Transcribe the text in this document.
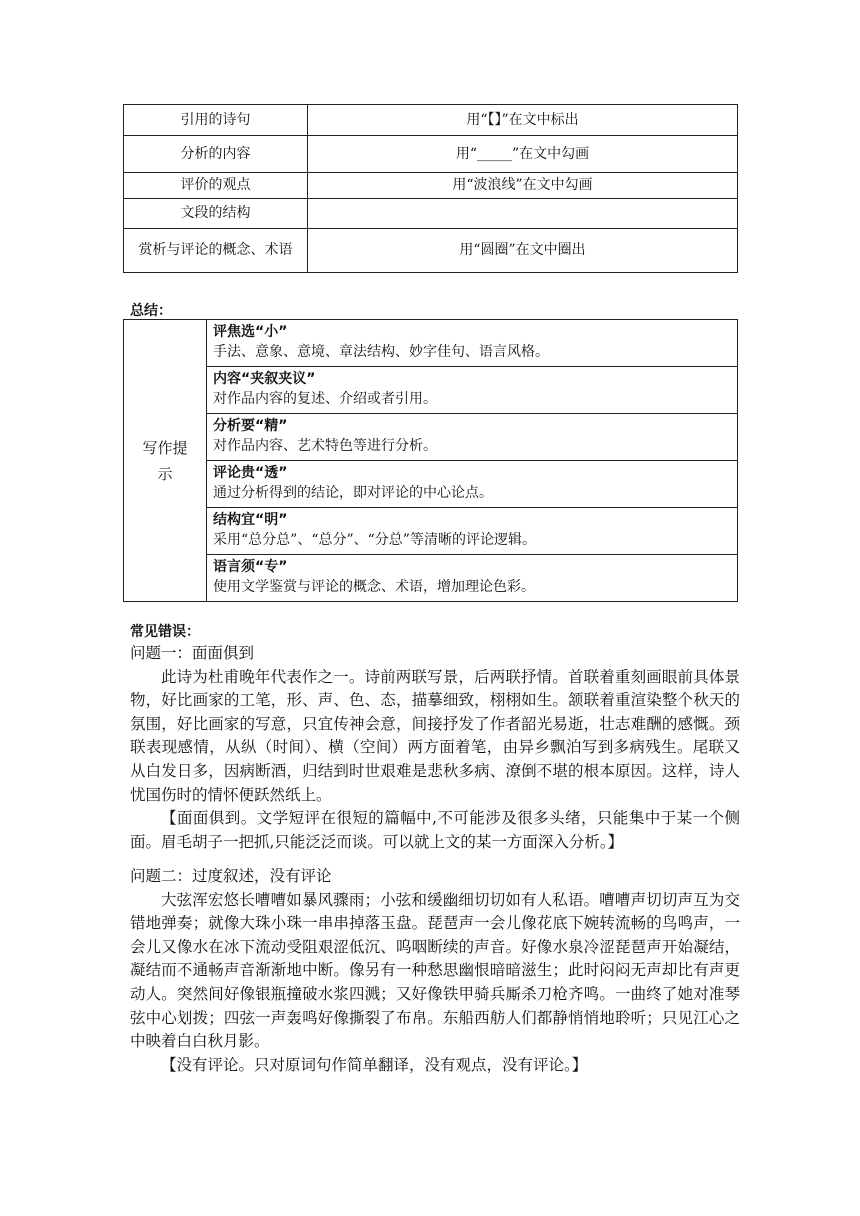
引用的诗句	用“【】”在文中标出
分析的内容	用“_____”在文中勾画
评价的观点	用“波浪线”在文中勾画
文段的结构	
赏析与评论的概念、术语	用“圆圈”在文中圈出
总结：
写作提示

评焦选“小”
手法、意象、意境、章法结构、妙字佳句、语言风格。

内容“夹叙夹议”
对作品内容的复述、介绍或者引用。

分析要“精”
对作品内容、艺术特色等进行分析。

评论贵“透”
通过分析得到的结论，即对评论的中心论点。

结构宜“明”
采用“总分总”、“总分”、“分总”等清晰的评论逻辑。

语言须“专”
使用文学鉴赏与评论的概念、术语，增加理论色彩。
常见错误：

问题一：面面俱到

此诗为杜甫晚年代表作之一。诗前两联写景，后两联抒情。首联着重刻画眼前具体景物，好比画家的工笔，形、声、色、态，描摹细致，栩栩如生。颔联着重渲染整个秋天的氛围，好比画家的写意，只宜传神会意，间接抒发了作者韶光易逝，壮志难酬的感慨。颈联表现感情，从纵（时间）、横（空间）两方面着笔，由异乡飘泊写到多病残生。尾联又从白发日多，因病断酒，归结到时世艰难是悲秋多病、潦倒不堪的根本原因。这样，诗人忧国伤时的情怀便跃然纸上。

【面面俱到。文学短评在很短的篇幅中,不可能涉及很多头绪，只能集中于某一个侧面。眉毛胡子一把抓,只能泛泛而谈。可以就上文的某一方面深入分析。】

问题二：过度叙述，没有评论

大弦浑宏悠长嘈嘈如暴风骤雨；小弦和缓幽细切切如有人私语。嘈嘈声切切声互为交错地弹奏；就像大珠小珠一串串掉落玉盘。琵琶声一会儿像花底下婉转流畅的鸟鸣声，一会儿又像水在冰下流动受阻艰涩低沉、呜咽断续的声音。好像水泉冷涩琵琶声开始凝结，凝结而不通畅声音渐渐地中断。像另有一种愁思幽恨暗暗滋生；此时闷闷无声却比有声更动人。突然间好像银瓶撞破水浆四溅；又好像铁甲骑兵厮杀刀枪齐鸣。一曲终了她对准琴弦中心划拨；四弦一声轰鸣好像撕裂了布帛。东船西舫人们都静悄悄地聆听；只见江心之中映着白白秋月影。

【没有评论。只对原词句作简单翻译，没有观点，没有评论。】
